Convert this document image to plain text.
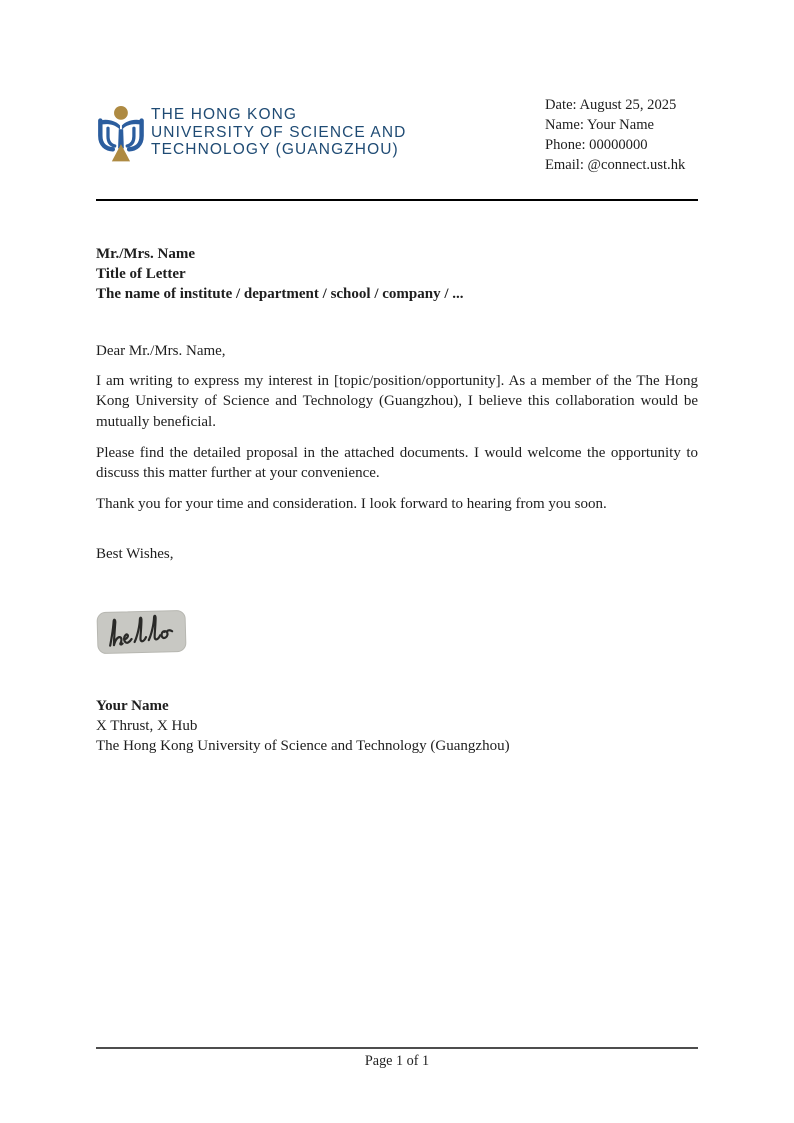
THE HONG KONG
UNIVERSITY OF SCIENCE AND
TECHNOLOGY (GUANGZHOU)
Date: August 25, 2025
Name: Your Name
Phone: 00000000
Email: @connect.ust.hk
Mr./Mrs. Name
Title of Letter
The name of institute / department / school / company / ...

Dear Mr./Mrs. Name,

I am writing to express my interest in [topic/position/opportunity]. As a member of the The Hong Kong University of Science and Technology (Guangzhou), I believe this collaboration would be mutually beneficial.

Please find the detailed proposal in the attached documents. I would welcome the opportunity to discuss this matter further at your convenience.

Thank you for your time and consideration. I look forward to hearing from you soon.

Best Wishes,
Your Name
X Thrust, X Hub
The Hong Kong University of Science and Technology (Guangzhou)
Page 1 of 1
